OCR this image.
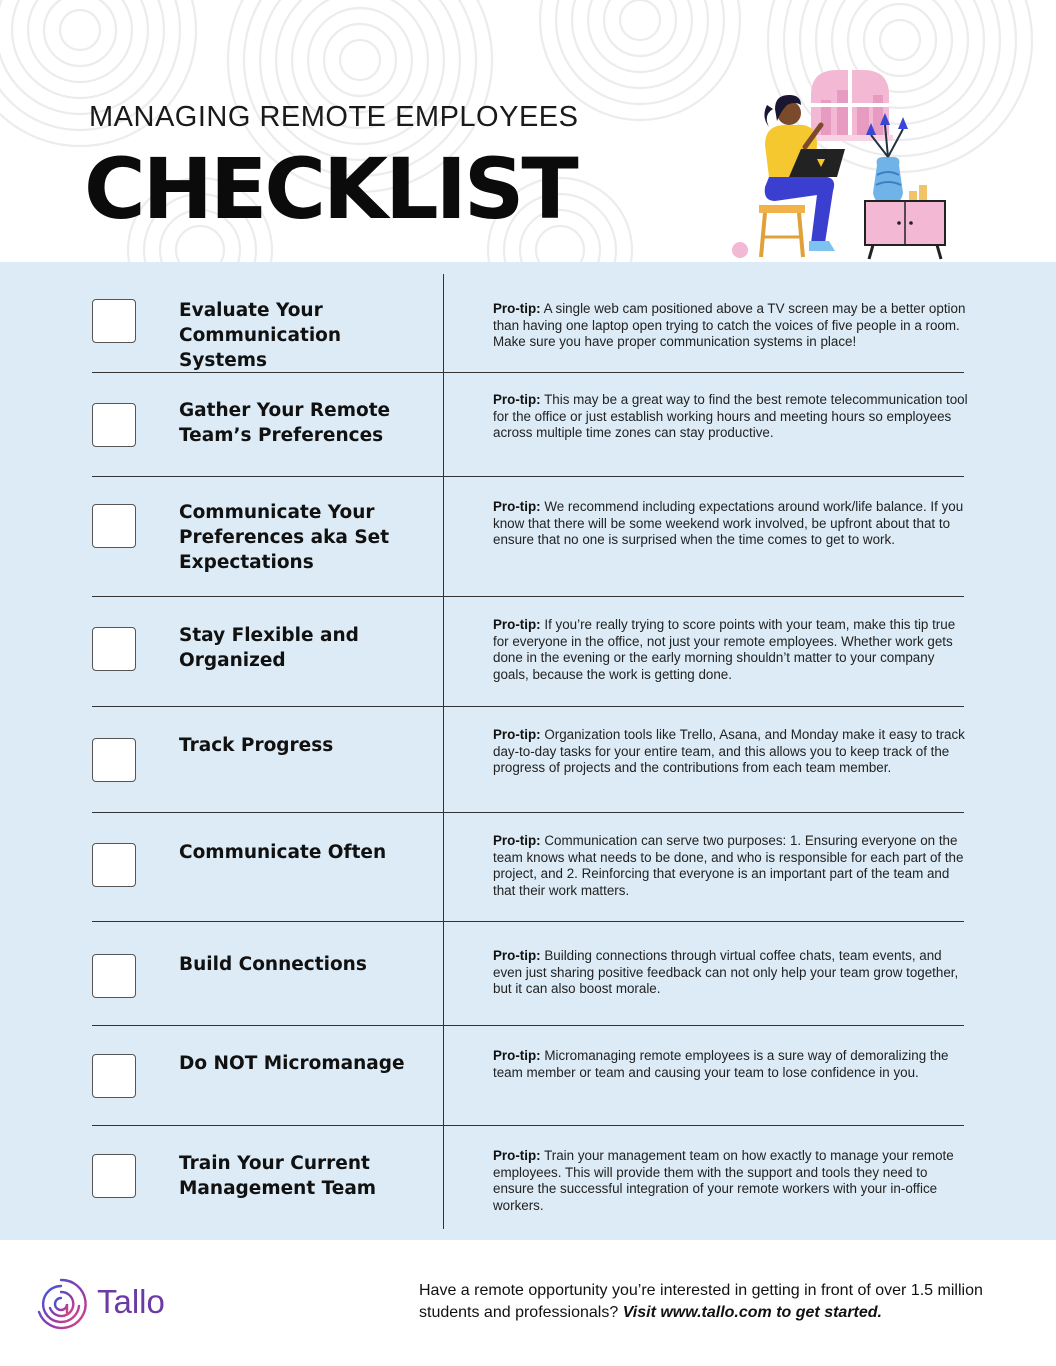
MANAGING REMOTE EMPLOYEES
CHECKLIST
Evaluate Your Communication Systems
Pro-tip: A single web cam positioned above a TV screen may be a better option than having one laptop open trying to catch the voices of five people in a room. Make sure you have proper communication systems in place!
Gather Your Remote Team’s Preferences
Pro-tip: This may be a great way to find the best remote telecommunication tool for the office or just establish working hours and meeting hours so employees across multiple time zones can stay productive.
Communicate Your Preferences aka Set Expectations
Pro-tip: We recommend including expectations around work/life balance. If you know that there will be some weekend work involved, be upfront about that to ensure that no one is surprised when the time comes to get to work.
Stay Flexible and Organized
Pro-tip: If you’re really trying to score points with your team, make this tip true for everyone in the office, not just your remote employees. Whether work gets done in the evening or the early morning shouldn’t matter to your company goals, because the work is getting done.
Track Progress
Pro-tip: Organization tools like Trello, Asana, and Monday make it easy to track day-to-day tasks for your entire team, and this allows you to keep track of the progress of projects and the contributions from each team member.
Communicate Often
Pro-tip: Communication can serve two purposes: 1. Ensuring everyone on the team knows what needs to be done, and who is responsible for each part of the project, and 2. Reinforcing that everyone is an important part of the team and that their work matters.
Build Connections	Pro-tip: Building connections through virtual coffee chats, team events, and even just sharing positive feedback can not only help your team grow together, but it can also boost morale.
Do NOT Micromanage	Pro-tip: Micromanaging remote employees is a sure way of demoralizing the team member or team and causing your team to lose confidence in you.
Train Your Current Management Team
Pro-tip: Train your management team on how exactly to manage your remote employees. This will provide them with the support and tools they need to ensure the successful integration of your remote workers with your in-office workers.
Tallo	Have a remote opportunity you’re interested in getting in front of over 1.5 million students and professionals? Visit www.tallo.com to get started.
